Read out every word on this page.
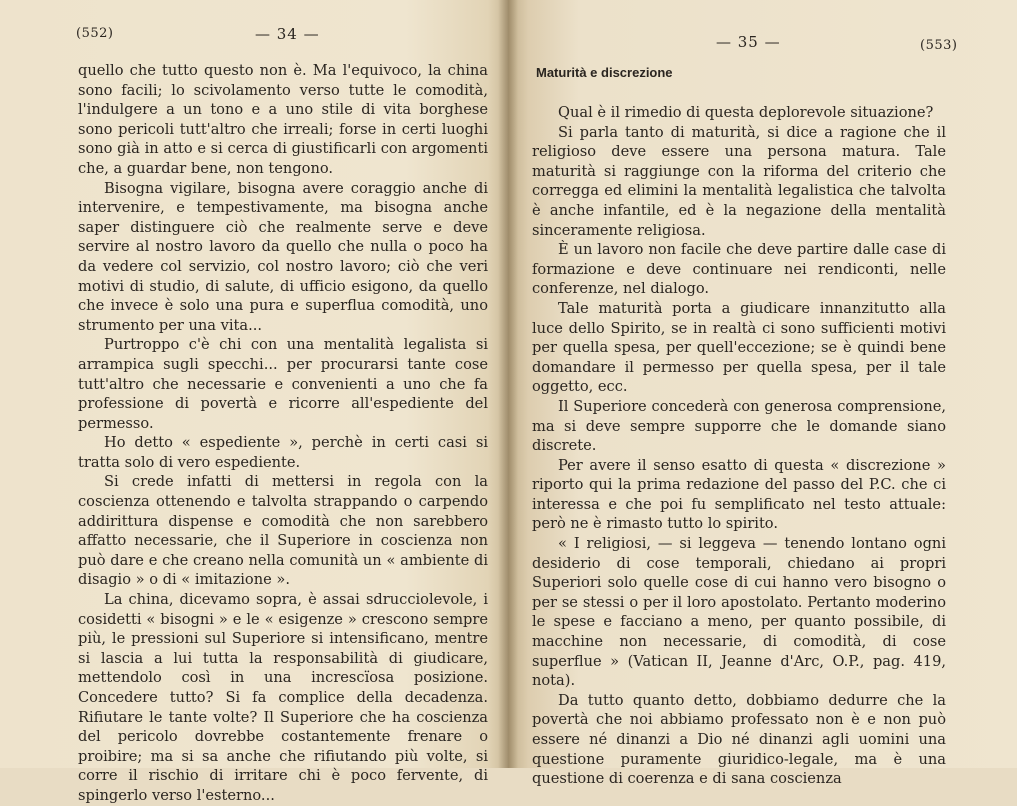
(552)	— 34 —

quello che tutto questo non è. Ma l'equivoco, la china sono facili; lo scivolamento verso tutte le comodità, l'indulgere a un tono e a uno stile di vita borghese sono pericoli tutt'altro che irreali; forse in certi luoghi sono già in atto e si cerca di giustificarli con argomenti che, a guardar bene, non tengono.

Bisogna vigilare, bisogna avere coraggio anche di intervenire, e tempestivamente, ma bisogna anche saper distinguere ciò che realmente serve e deve servire al nostro lavoro da quello che nulla o poco ha da vedere col servizio, col nostro lavoro; ciò che veri motivi di studio, di salute, di ufficio esigono, da quello che invece è solo una pura e superflua comodità, uno strumento per una vita...

Purtroppo c'è chi con una mentalità legalista si arrampica sugli specchi... per procurarsi tante cose tutt'altro che necessarie e convenienti a uno che fa professione di povertà e ricorre all'espediente del permesso.

Ho detto « espediente », perchè in certi casi si tratta solo di vero espediente.

Si crede infatti di mettersi in regola con la coscienza ottenendo e talvolta strappando o carpendo addirittura dispense e comodità che non sarebbero affatto necessarie, che il Superiore in coscienza non può dare e che creano nella comunità un « ambiente di disagio » o di « imitazione ».

La china, dicevamo sopra, è assai sdrucciolevole, i cosidetti « bisogni » e le « esigenze » crescono sempre più, le pressioni sul Superiore si intensificano, mentre si lascia a lui tutta la responsabilità di giudicare, mettendolo così in una increscïosa posizione. Concedere tutto? Si fa complice della decadenza. Rifiutare le tante volte? Il Superiore che ha coscienza del pericolo dovrebbe costantemente frenare o proibire; ma si sa anche che rifiutando più volte, si corre il rischio di irritare chi è poco fervente, di spingerlo verso l'esterno...

— 35 —	(553)
Maturità e discrezione

Qual è il rimedio di questa deplorevole situazione?

Si parla tanto di maturità, si dice a ragione che il religioso deve essere una persona matura. Tale maturità si raggiunge con la riforma del criterio che corregga ed elimini la mentalità legalistica che talvolta è anche infantile, ed è la negazione della mentalità sinceramente religiosa.

È un lavoro non facile che deve partire dalle case di formazione e deve continuare nei rendiconti, nelle conferenze, nel dialogo.

Tale maturità porta a giudicare innanzitutto alla luce dello Spirito, se in realtà ci sono sufficienti motivi per quella spesa, per quell'eccezione; se è quindi bene domandare il permesso per quella spesa, per il tale oggetto, ecc.

Il Superiore concederà con generosa comprensione, ma si deve sempre supporre che le domande siano discrete.

Per avere il senso esatto di questa « discrezione » riporto qui la prima redazione del passo del P.C. che ci interessa e che poi fu semplificato nel testo attuale: però ne è rimasto tutto lo spirito.

« I religiosi, — si leggeva — tenendo lontano ogni desiderio di cose temporali, chiedano ai propri Superiori solo quelle cose di cui hanno vero bisogno o per se stessi o per il loro apostolato. Pertanto moderino le spese e facciano a meno, per quanto possibile, di macchine non necessarie, di comodità, di cose superflue » (Vatican II, Jeanne d'Arc, O.P., pag. 419, nota).

Da tutto quanto detto, dobbiamo dedurre che la povertà che noi abbiamo professato non è e non può essere né dinanzi a Dio né dinanzi agli uomini una questione puramente giuridico-legale, ma è una questione di coerenza e di sana coscienza
